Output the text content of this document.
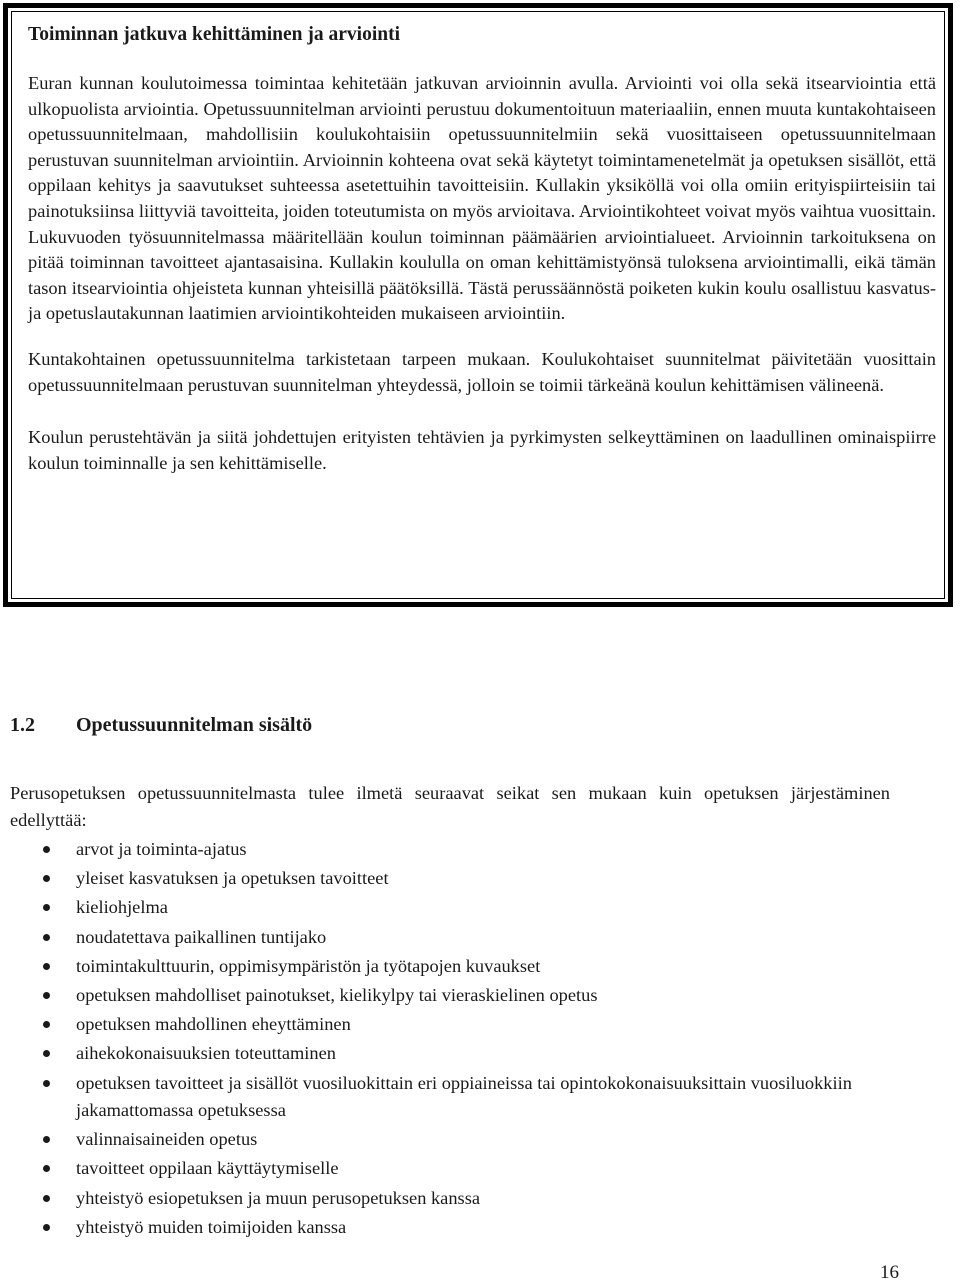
Toiminnan jatkuva kehittäminen ja arviointi

Euran kunnan koulutoimessa toimintaa kehitetään jatkuvan arvioinnin avulla. Arviointi voi olla sekä itsearviointia että ulkopuolista arviointia. Opetussuunnitelman arviointi perustuu dokumentoituun materiaaliin, ennen muuta kuntakohtaiseen opetussuunnitelmaan, mahdollisiin koulukohtaisiin opetussuunnitelmiin sekä vuosittaiseen opetussuunnitelmaan perustuvan suunnitelman arviointiin. Arvioinnin kohteena ovat sekä käytetyt toimintamenetelmät ja opetuksen sisällöt, että oppilaan kehitys ja saavutukset suhteessa asetettuihin tavoitteisiin. Kullakin yksiköllä voi olla omiin erityispiirteisiin tai painotuksiinsa liittyviä tavoitteita, joiden toteutumista on myös arvioitava. Arviointikohteet voivat myös vaihtua vuosittain. Lukuvuoden työsuunnitelmassa määritellään koulun toiminnan päämäärien arviointialueet. Arvioinnin tarkoituksena on pitää toiminnan tavoitteet ajantasaisina. Kullakin koululla on oman kehittämistyönsä tuloksena arviointimalli, eikä tämän tason itsearviointia ohjeisteta kunnan yhteisillä päätöksillä. Tästä perussäännöstä poiketen kukin koulu osallistuu kasvatus- ja opetuslautakunnan laatimien arviointikohteiden mukaiseen arviointiin.

Kuntakohtainen opetussuunnitelma tarkistetaan tarpeen mukaan. Koulukohtaiset suunnitelmat päivitetään vuosittain opetussuunnitelmaan perustuvan suunnitelman yhteydessä, jolloin se toimii tärkeänä koulun kehittämisen välineenä.

Koulun perustehtävän ja siitä johdettujen erityisten tehtävien ja pyrkimysten selkeyttäminen on laadullinen ominaispiirre koulun toiminnalle ja sen kehittämiselle.

1.2 Opetussuunnitelman sisältö

Perusopetuksen opetussuunnitelmasta tulee ilmetä seuraavat seikat sen mukaan kuin opetuksen järjestäminen edellyttää:

arvot ja toiminta-ajatus
yleiset kasvatuksen ja opetuksen tavoitteet
kieliohjelma
noudatettava paikallinen tuntijako
toimintakulttuurin, oppimisympäristön ja työtapojen kuvaukset
opetuksen mahdolliset painotukset, kielikylpy tai vieraskielinen opetus
opetuksen mahdollinen eheyttäminen
aihekokonaisuuksien toteuttaminen
opetuksen tavoitteet ja sisällöt vuosiluokittain eri oppiaineissa tai opintokokonaisuuksittain vuosiluokkiin jakamattomassa opetuksessa
valinnaisaineiden opetus
tavoitteet oppilaan käyttäytymiselle
yhteistyö esiopetuksen ja muun perusopetuksen kanssa
yhteistyö muiden toimijoiden kanssa

16
